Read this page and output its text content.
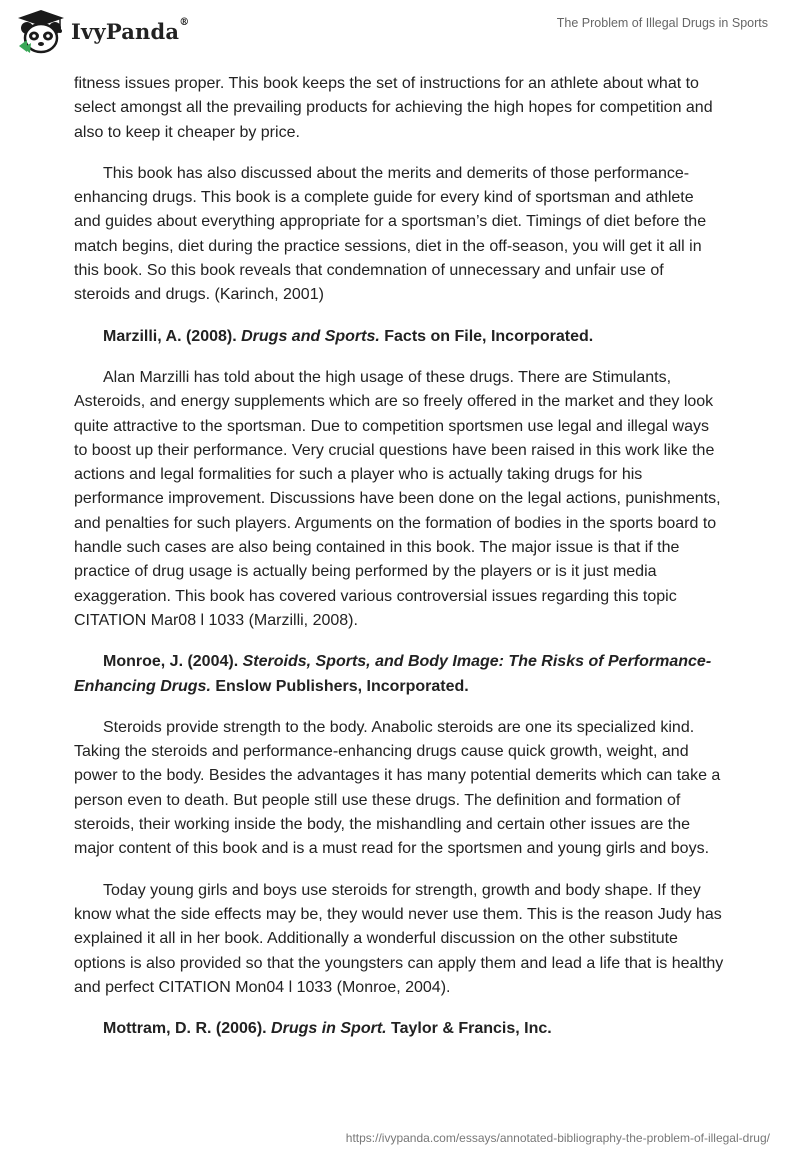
IvyPanda®	The Problem of Illegal Drugs in Sports

fitness issues proper. This book keeps the set of instructions for an athlete about what to select amongst all the prevailing products for achieving the high hopes for competition and also to keep it cheaper by price.

This book has also discussed about the merits and demerits of those performance-enhancing drugs. This book is a complete guide for every kind of sportsman and athlete and guides about everything appropriate for a sportsman’s diet. Timings of diet before the match begins, diet during the practice sessions, diet in the off-season, you will get it all in this book. So this book reveals that condemnation of unnecessary and unfair use of steroids and drugs. (Karinch, 2001)

Marzilli, A. (2008). Drugs and Sports. Facts on File, Incorporated.

Alan Marzilli has told about the high usage of these drugs. There are Stimulants, Asteroids, and energy supplements which are so freely offered in the market and they look quite attractive to the sportsman. Due to competition sportsmen use legal and illegal ways to boost up their performance. Very crucial questions have been raised in this work like the actions and legal formalities for such a player who is actually taking drugs for his performance improvement. Discussions have been done on the legal actions, punishments, and penalties for such players. Arguments on the formation of bodies in the sports board to handle such cases are also being contained in this book. The major issue is that if the practice of drug usage is actually being performed by the players or is it just media exaggeration. This book has covered various controversial issues regarding this topic CITATION Mar08 l 1033 (Marzilli, 2008).

Monroe, J. (2004). Steroids, Sports, and Body Image: The Risks of Performance-Enhancing Drugs. Enslow Publishers, Incorporated.

Steroids provide strength to the body. Anabolic steroids are one its specialized kind. Taking the steroids and performance-enhancing drugs cause quick growth, weight, and power to the body. Besides the advantages it has many potential demerits which can take a person even to death. But people still use these drugs. The definition and formation of steroids, their working inside the body, the mishandling and certain other issues are the major content of this book and is a must read for the sportsmen and young girls and boys.

Today young girls and boys use steroids for strength, growth and body shape. If they know what the side effects may be, they would never use them. This is the reason Judy has explained it all in her book. Additionally a wonderful discussion on the other substitute options is also provided so that the youngsters can apply them and lead a life that is healthy and perfect CITATION Mon04 l 1033 (Monroe, 2004).

Mottram, D. R. (2006). Drugs in Sport. Taylor & Francis, Inc.

https://ivypanda.com/essays/annotated-bibliography-the-problem-of-illegal-drug/
